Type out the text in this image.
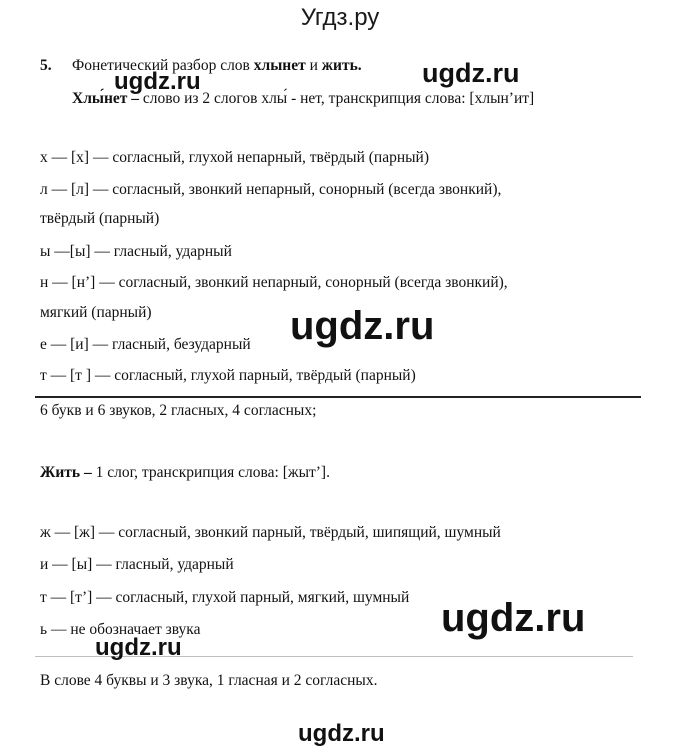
Угдз.ру
5. Фонетический разбор слов хлынет и жить.
Хлы́нет – слово из 2 слогов хлы́ - нет, транскрипция слова: [хлын’ит]
х — [х] — согласный, глухой непарный, твёрдый (парный)
л — [л] — согласный, звонкий непарный, сонорный (всегда звонкий),
твёрдый (парный)
ы —[ы] — гласный, ударный
н — [н’] — согласный, звонкий непарный, сонорный (всегда звонкий),
мягкий (парный)
е — [и] — гласный, безударный
т — [т ] — согласный, глухой парный, твёрдый (парный)
6 букв и 6 звуков, 2 гласных, 4 согласных;
Жить – 1 слог, транскрипция слова: [жыт’].
ж — [ж] — согласный, звонкий парный, твёрдый, шипящий, шумный
и — [ы] — гласный, ударный
т — [т’] — согласный, глухой парный, мягкий, шумный
ь — не обозначает звука
В слове 4 буквы и 3 звука, 1 гласная и 2 согласных.
ugdz.ru	ugdz.ru
ugdz.ru
ugdz.ru
ugdz.ru
ugdz.ru
